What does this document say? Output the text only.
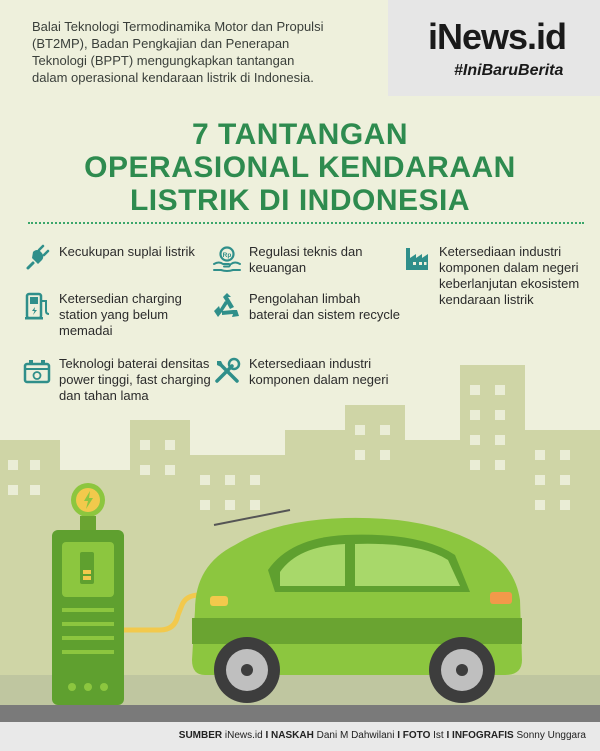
Balai Teknologi Termodinamika Motor dan Propulsi (BT2MP), Badan Pengkajian dan Penerapan Teknologi (BPPT) mengungkapkan tantangan dalam operasional kendaraan listrik di Indonesia.
iNews.id
#IniBaruBerita
7 TANTANGAN
OPERASIONAL KENDARAAN
LISTRIK DI INDONESIA
Kecukupan suplai listrik
Ketersedian charging station yang belum memadai
Teknologi baterai densitas power tinggi, fast charging dan tahan lama
Rp Regulasi teknis dan keuangan
Pengolahan limbah baterai dan sistem recycle
Ketersediaan industri komponen dalam negeri
Ketersediaan industri komponen dalam negeri keberlanjutan ekosistem kendaraan listrik
SUMBER iNews.id I NASKAH Dani M Dahwilani I FOTO Ist I INFOGRAFIS Sonny Unggara
